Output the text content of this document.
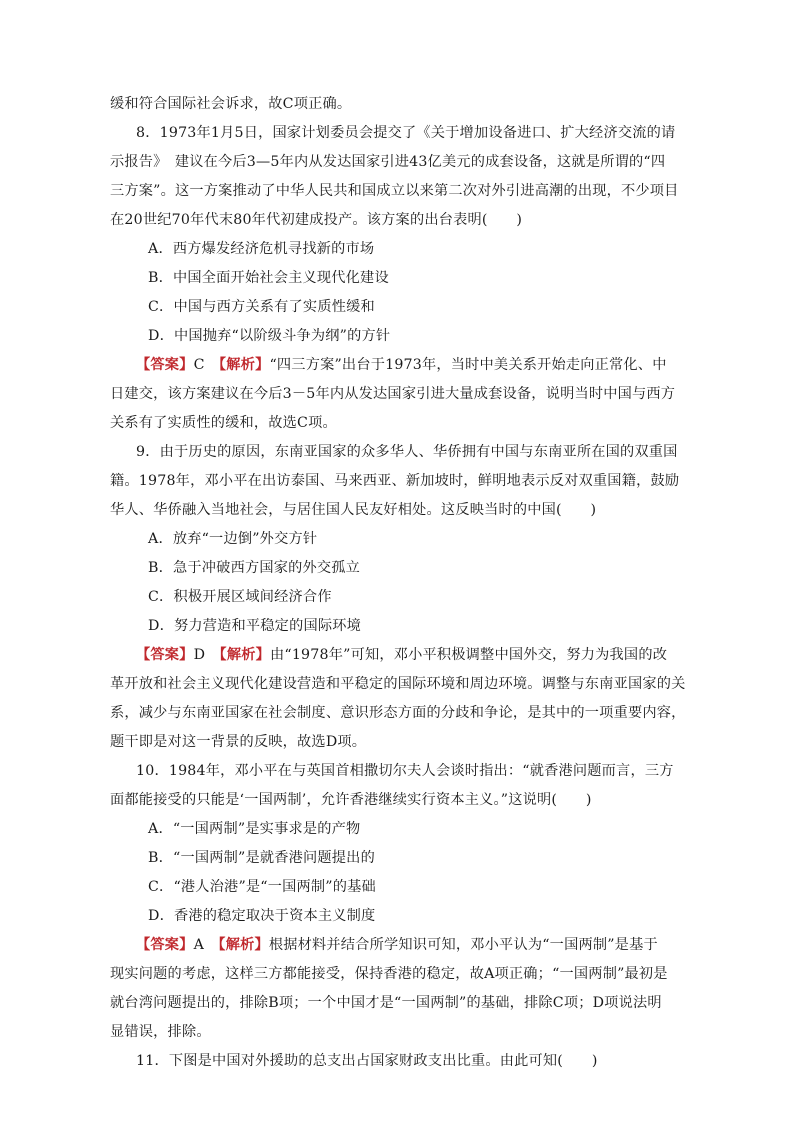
缓和符合国际社会诉求，故C项正确。
8．1973年1月5日，国家计划委员会提交了《关于增加设备进口、扩大经济交流的请
示报告》　建议在今后3—5年内从发达国家引进43亿美元的成套设备，这就是所谓的“四
三方案”。这一方案推动了中华人民共和国成立以来第二次对外引进高潮的出现，不少项目
在20世纪70年代末80年代初建成投产。该方案的出台表明(　　)
A．西方爆发经济危机寻找新的市场
B．中国全面开始社会主义现代化建设
C．中国与西方关系有了实质性缓和
D．中国抛弃“以阶级斗争为纲”的方针
【答案】C　 【解析】“四三方案”出台于1973年，当时中美关系开始走向正常化、中
日建交，该方案建议在今后3－5年内从发达国家引进大量成套设备，说明当时中国与西方
关系有了实质性的缓和，故选C项。
9．由于历史的原因，东南亚国家的众多华人、华侨拥有中国与东南亚所在国的双重国
籍。1978年，邓小平在出访泰国、马来西亚、新加坡时，鲜明地表示反对双重国籍，鼓励
华人、华侨融入当地社会，与居住国人民友好相处。这反映当时的中国(　　)
A．放弃“一边倒”外交方针
B．急于冲破西方国家的外交孤立
C．积极开展区域间经济合作
D．努力营造和平稳定的国际环境
【答案】D　 【解析】由“1978年”可知，邓小平积极调整中国外交，努力为我国的改
革开放和社会主义现代化建设营造和平稳定的国际环境和周边环境。调整与东南亚国家的关
系，减少与东南亚国家在社会制度、意识形态方面的分歧和争论，是其中的一项重要内容，
题干即是对这一背景的反映，故选D项。
10．1984年，邓小平在与英国首相撒切尔夫人会谈时指出：“就香港问题而言，三方
面都能接受的只能是‘一国两制’，允许香港继续实行资本主义。”这说明(　　)
A．“一国两制”是实事求是的产物
B．“一国两制”是就香港问题提出的
C．“港人治港”是“一国两制”的基础
D．香港的稳定取决于资本主义制度
【答案】A　 【解析】根据材料并结合所学知识可知，邓小平认为“一国两制”是基于
现实问题的考虑，这样三方都能接受，保持香港的稳定，故A项正确；“一国两制”最初是
就台湾问题提出的，排除B项；一个中国才是“一国两制”的基础，排除C项；D项说法明
显错误，排除。
11．下图是中国对外援助的总支出占国家财政支出比重。由此可知(　　)
